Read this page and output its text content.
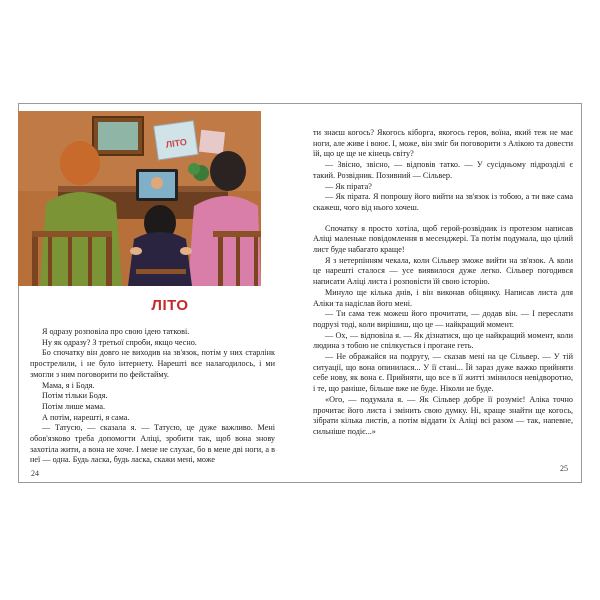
ЛІТО
ЛІТО

Я одразу розповіла про свою ідею таткові.

Ну як одразу? З третьої спроби, якщо чесно.

Бо спочатку він довго не виходив на зв'язок, потім у них старлінк прострелили, і не було інтернету. Нарешті все налагодилось, і ми змогли з ним поговорити по фейстайму.

Мама, я і Бодя.

Потім тільки Бодя.

Потім лише мама.

А потім, нарешті, я сама.

— Татусю, — сказала я. — Татусю, це дуже важливо. Мені обов'язково треба допомогти Аліці, зробити так, щоб вона знову захотіла жити, а вона не хоче. І мене не слухає, бо в мене дві ноги, а в неї — одна. Будь ласка, будь ласка, скажи мені, може

24

ти знаєш когось? Якогось кіборга, якогось героя, воїна, який теж не має ноги, але живе і воює. І, може, він зміг би поговорити з Алікою та довести їй, що це ще не кінець світу?

— Звісно, звісно, — відповів татко. — У сусідньому підрозділі є такий. Розвідник. Позивний — Сільвер.

— Як пірата?

— Як пірата. Я попрошу його вийти на зв'язок із тобою, а ти вже сама скажеш, чого від нього хочеш.

Спочатку я просто хотіла, щоб герой-розвідник із протезом написав Аліці маленьке повідомлення в месенджері. Та потім подумала, що цілий лист буде набагато краще!

Я з нетерпінням чекала, коли Сільвер зможе вийти на зв'язок. А коли це нарешті сталося — усе виявилося дуже легко. Сільвер погодився написати Аліці листа і розповісти їй свою історію.

Минуло ще кілька днів, і він виконав обіцянку. Написав листа для Аліки та надіслав його мені.

— Ти сама теж можеш його прочитати, — додав він. — І переслати подрузі тоді, коли вирішиш, що це — найкращий момент.

— Ох, — відповіла я. — Як дізнатися, що це найкращий момент, коли людина з тобою не спілкується і прогане геть.

— Не ображайся на подругу, — сказав мені на це Сільвер. — У тій ситуації, що вона опинилася... У її стані... Їй зараз дуже важко прийняти себе нову, як вона є. Прийняти, що все в її житті змінилося невідворотно, і те, що раніше, більше вже не буде. Ніколи не буде.

«Ого, — подумала я. — Як Сільвер добре її розуміє! Аліка точно прочитає його листа і змінить свою думку. Ні, краще знайти ще когось, зібрати кілька листів, а потім віддати їх Аліці всі разом — так, напевне, сильніше подіє...»

25
